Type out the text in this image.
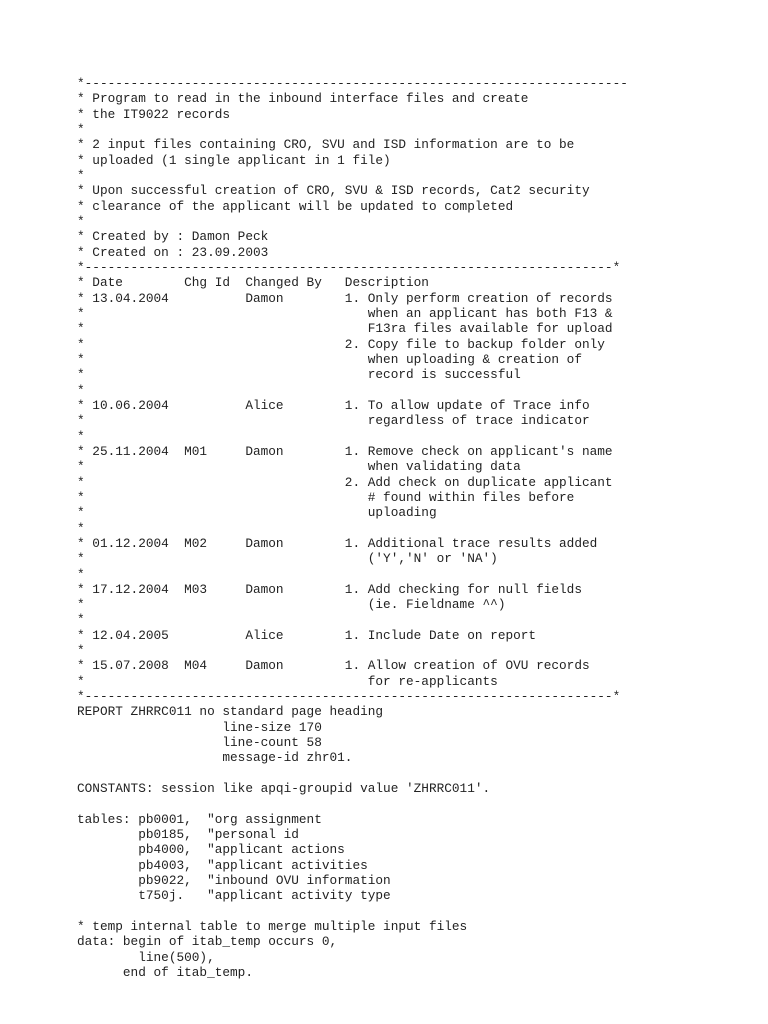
*-----------------------------------------------------------------------
* Program to read in the inbound interface files and create
* the IT9022 records
*
* 2 input files containing CRO, SVU and ISD information are to be
* uploaded (1 single applicant in 1 file)
*
* Upon successful creation of CRO, SVU & ISD records, Cat2 security
* clearance of the applicant will be updated to completed
*
* Created by : Damon Peck
* Created on : 23.09.2003
*---------------------------------------------------------------------*
* Date        Chg Id  Changed By   Description
* 13.04.2004          Damon        1. Only perform creation of records
*                                     when an applicant has both F13 &
*                                     F13ra files available for upload
*                                  2. Copy file to backup folder only
*                                     when uploading & creation of
*                                     record is successful
*
* 10.06.2004          Alice        1. To allow update of Trace info
*                                     regardless of trace indicator
*
* 25.11.2004  M01     Damon        1. Remove check on applicant's name
*                                     when validating data
*                                  2. Add check on duplicate applicant
*                                     # found within files before
*                                     uploading
*
* 01.12.2004  M02     Damon        1. Additional trace results added
*                                     ('Y','N' or 'NA')
*
* 17.12.2004  M03     Damon        1. Add checking for null fields
*                                     (ie. Fieldname ^^)
*
* 12.04.2005          Alice        1. Include Date on report
*
* 15.07.2008  M04     Damon        1. Allow creation of OVU records
*                                     for re-applicants
*---------------------------------------------------------------------*
REPORT ZHRRC011 no standard page heading
line-size 170
line-count 58
message-id zhr01.
CONSTANTS: session like apqi-groupid value 'ZHRRC011'.
tables: pb0001,  "org assignment
pb0185,  "personal id
pb4000,  "applicant actions
pb4003,  "applicant activities
pb9022,  "inbound OVU information
t750j.   "applicant activity type
* temp internal table to merge multiple input files
data: begin of itab_temp occurs 0,
line(500),
end of itab_temp.
